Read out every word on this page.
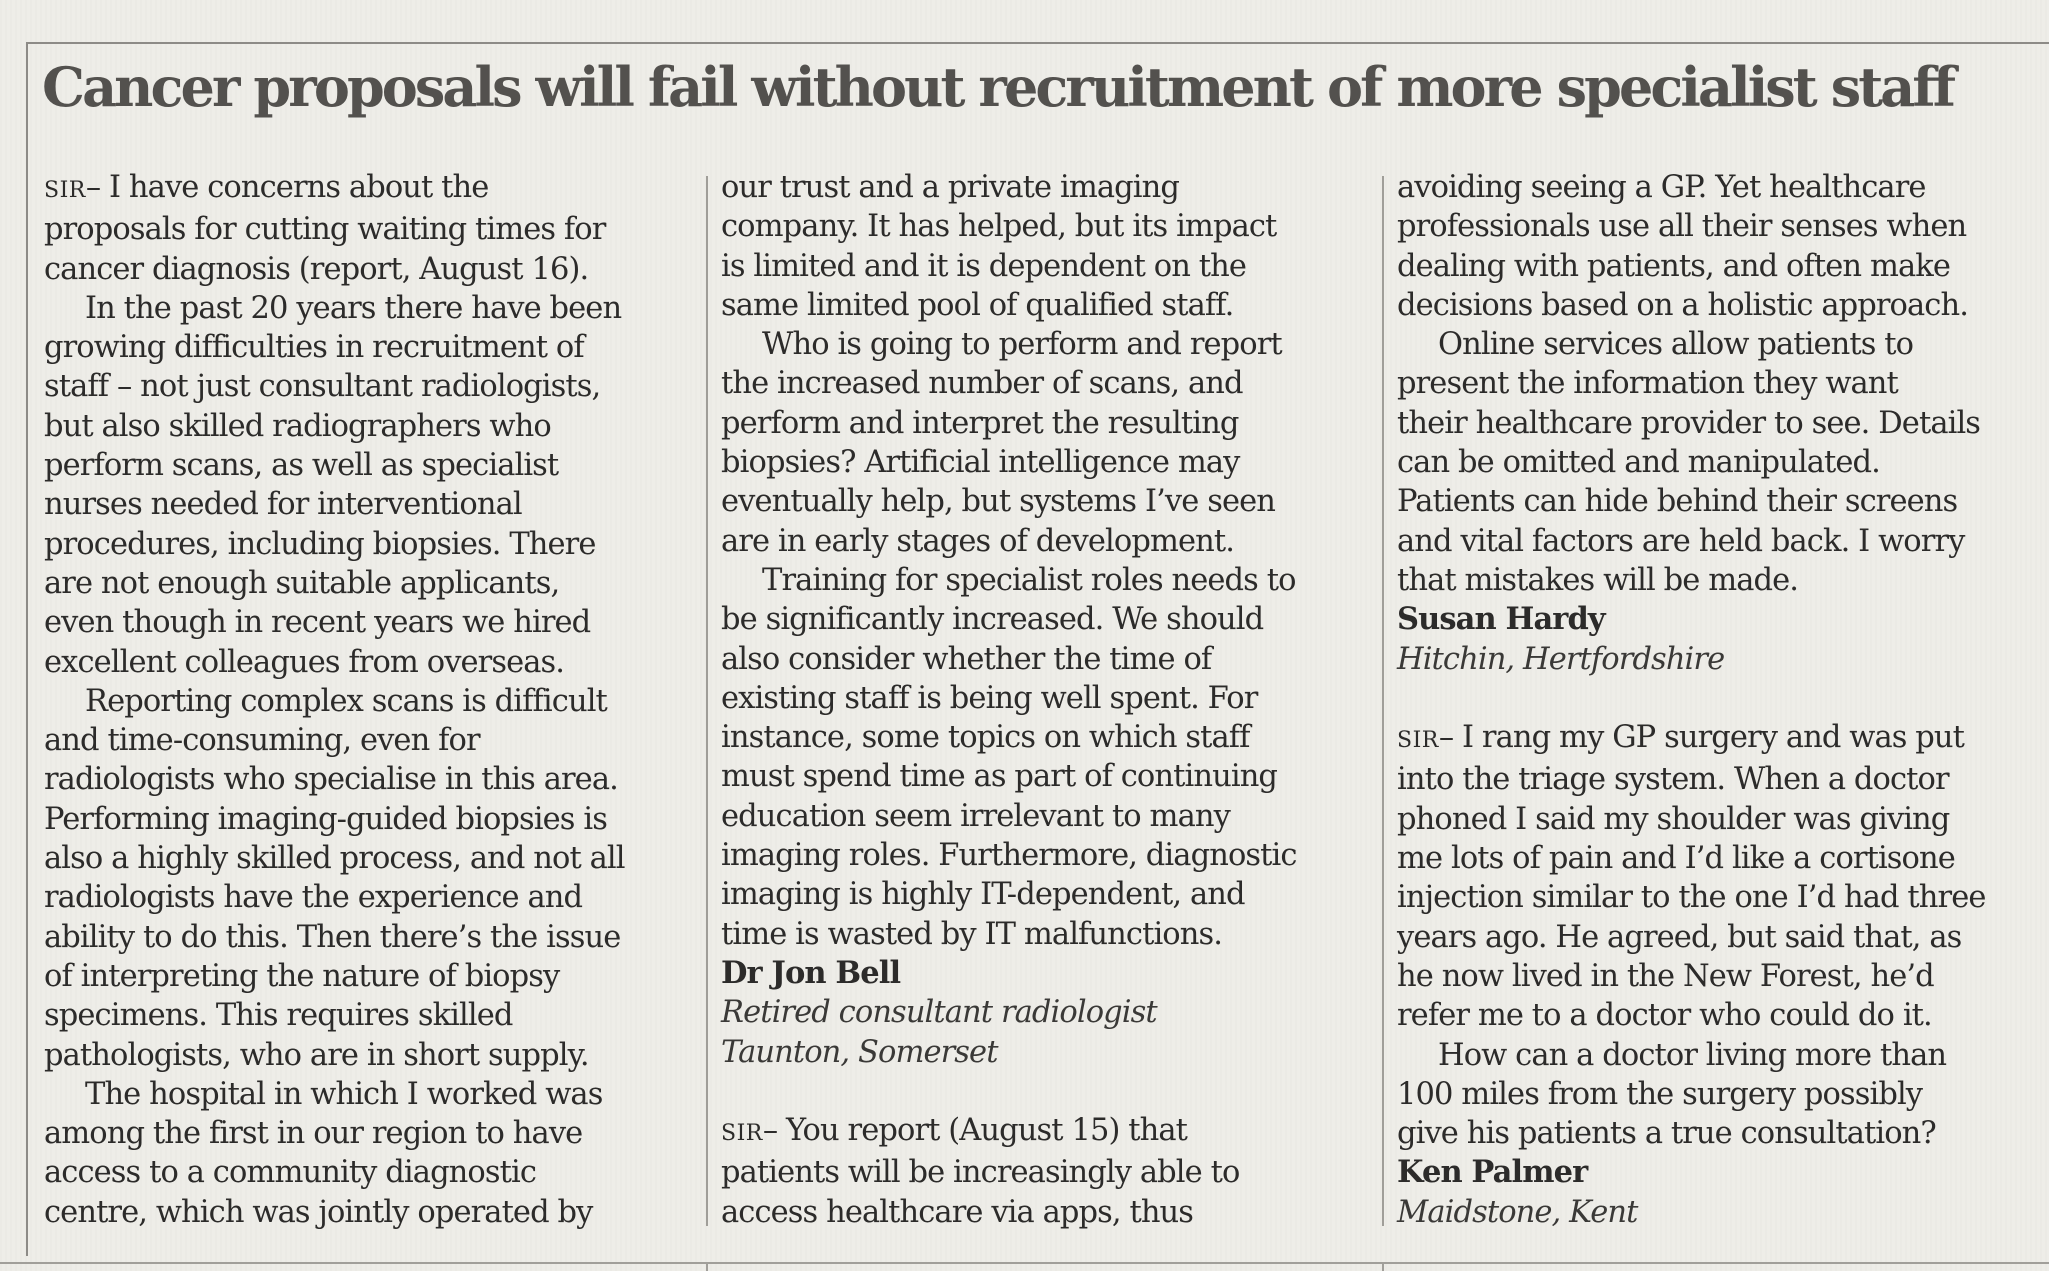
Cancer proposals will fail without recruitment of more specialist staff

SIR– I have concerns about the
proposals for cutting waiting times for
cancer diagnosis (report, August 16).

In the past 20 years there have been
growing difficulties in recruitment of
staff – not just consultant radiologists,
but also skilled radiographers who
perform scans, as well as specialist
nurses needed for interventional
procedures, including biopsies. There
are not enough suitable applicants,
even though in recent years we hired
excellent colleagues from overseas.

Reporting complex scans is difficult
and time-consuming, even for
radiologists who specialise in this area.
Performing imaging-guided biopsies is
also a highly skilled process, and not all
radiologists have the experience and
ability to do this. Then there’s the issue
of interpreting the nature of biopsy
specimens. This requires skilled
pathologists, who are in short supply.

The hospital in which I worked was
among the first in our region to have
access to a community diagnostic
centre, which was jointly operated by

our trust and a private imaging
company. It has helped, but its impact
is limited and it is dependent on the
same limited pool of qualified staff.

Who is going to perform and report
the increased number of scans, and
perform and interpret the resulting
biopsies? Artificial intelligence may
eventually help, but systems I’ve seen
are in early stages of development.

Training for specialist roles needs to
be significantly increased. We should
also consider whether the time of
existing staff is being well spent. For
instance, some topics on which staff
must spend time as part of continuing
education seem irrelevant to many
imaging roles. Furthermore, diagnostic
imaging is highly IT-dependent, and
time is wasted by IT malfunctions.

Dr Jon Bell
Retired consultant radiologist
Taunton, Somerset

SIR– You report (August 15) that
patients will be increasingly able to
access healthcare via apps, thus

avoiding seeing a GP. Yet healthcare
professionals use all their senses when
dealing with patients, and often make
decisions based on a holistic approach.

Online services allow patients to
present the information they want
their healthcare provider to see. Details
can be omitted and manipulated.
Patients can hide behind their screens
and vital factors are held back. I worry
that mistakes will be made.

Susan Hardy
Hitchin, Hertfordshire

SIR– I rang my GP surgery and was put
into the triage system. When a doctor
phoned I said my shoulder was giving
me lots of pain and I’d like a cortisone
injection similar to the one I’d had three
years ago. He agreed, but said that, as
he now lived in the New Forest, he’d
refer me to a doctor who could do it.

How can a doctor living more than
100 miles from the surgery possibly
give his patients a true consultation?

Ken Palmer
Maidstone, Kent
